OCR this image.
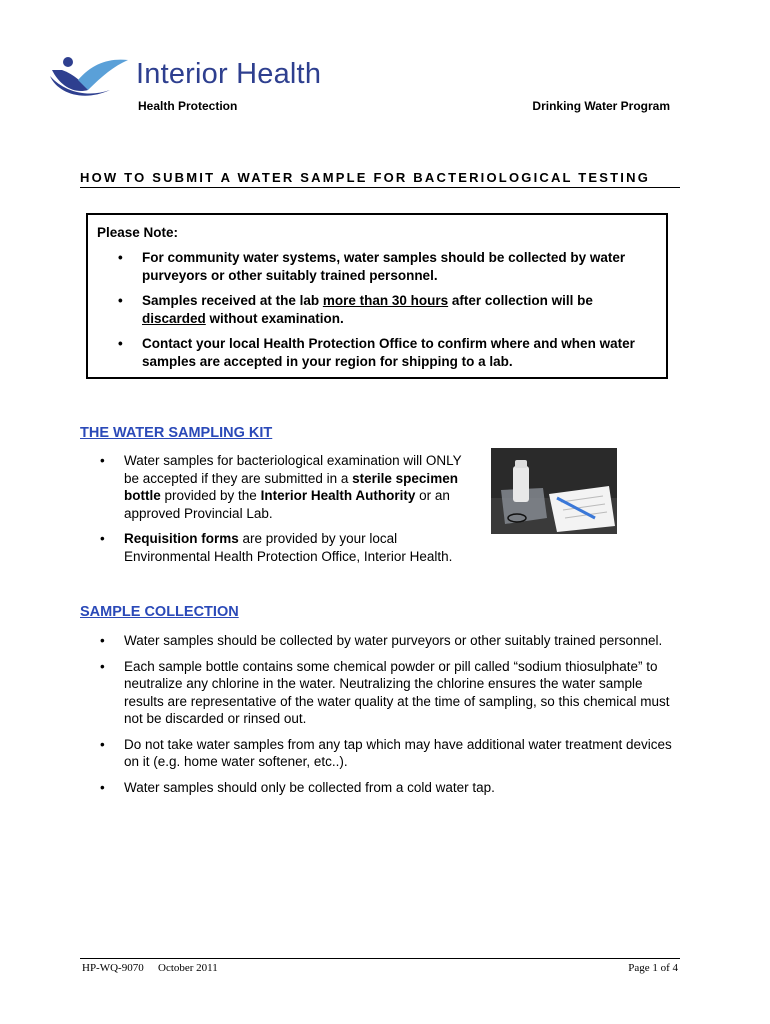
Interior Health
Health Protection	Drinking Water Program
HOW TO SUBMIT A WATER SAMPLE FOR BACTERIOLOGICAL TESTING
Please Note:
• For community water systems, water samples should be collected by water purveyors or other suitably trained personnel.
• Samples received at the lab more than 30 hours after collection will be discarded without examination.
• Contact your local Health Protection Office to confirm where and when water samples are accepted in your region for shipping to a lab.
THE WATER SAMPLING KIT
• Water samples for bacteriological examination will ONLY be accepted if they are submitted in a sterile specimen bottle provided by the Interior Health Authority or an approved Provincial Lab.
• Requisition forms are provided by your local Environmental Health Protection Office, Interior Health.
SAMPLE COLLECTION
• Water samples should be collected by water purveyors or other suitably trained personnel.
• Each sample bottle contains some chemical powder or pill called “sodium thiosulphate” to neutralize any chlorine in the water. Neutralizing the chlorine ensures the water sample results are representative of the water quality at the time of sampling, so this chemical must not be discarded or rinsed out.
• Do not take water samples from any tap which may have additional water treatment devices on it (e.g. home water softener, etc..).
• Water samples should only be collected from a cold water tap.
HP-WQ-9070 October 2011	Page 1 of 4
